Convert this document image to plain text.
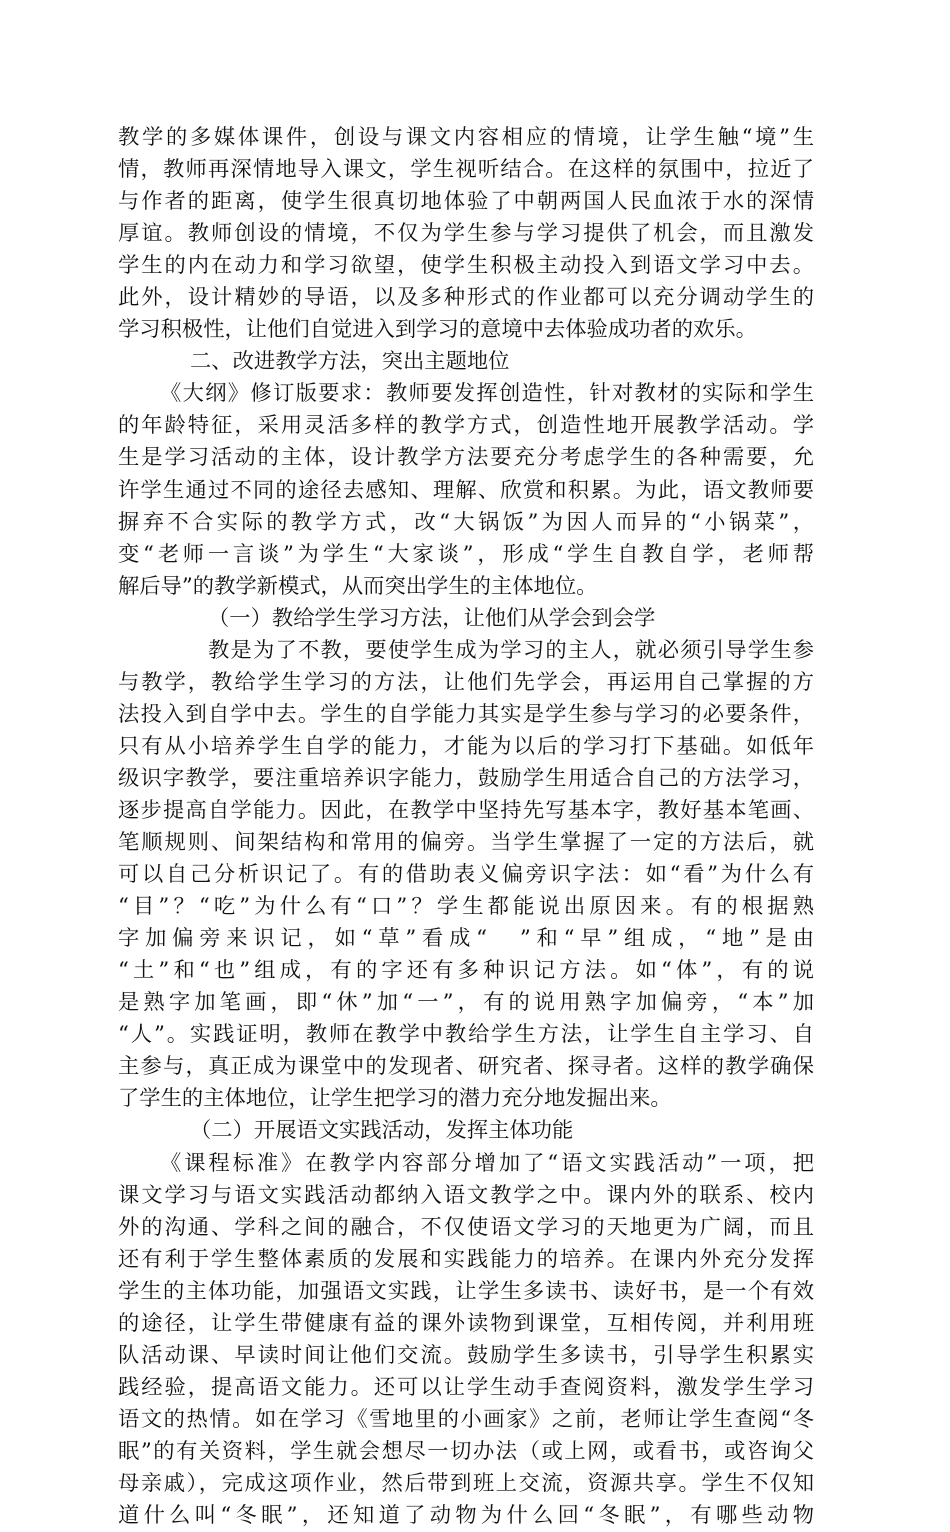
教学的多媒体课件，创设与课文内容相应的情境，让学生触“境”生
情，教师再深情地导入课文，学生视听结合。在这样的氛围中，拉近了
与作者的距离，使学生很真切地体验了中朝两国人民血浓于水的深情
厚谊。教师创设的情境，不仅为学生参与学习提供了机会，而且激发
学生的内在动力和学习欲望，使学生积极主动投入到语文学习中去。
此外，设计精妙的导语，以及多种形式的作业都可以充分调动学生的
学习积极性，让他们自觉进入到学习的意境中去体验成功者的欢乐。
二、改进教学方法，突出主题地位
《大纲》修订版要求：教师要发挥创造性，针对教材的实际和学生
的年龄特征，采用灵活多样的教学方式，创造性地开展教学活动。学
生是学习活动的主体，设计教学方法要充分考虑学生的各种需要，允
许学生通过不同的途径去感知、理解、欣赏和积累。为此，语文教师要
摒弃不合实际的教学方式，改“大锅饭”为因人而异的“小锅菜”，
变“老师一言谈”为学生“大家谈”，形成“学生自教自学，老师帮
解后导”的教学新模式，从而突出学生的主体地位。
（一）教给学生学习方法，让他们从学会到会学
教是为了不教，要使学生成为学习的主人，就必须引导学生参
与教学，教给学生学习的方法，让他们先学会，再运用自己掌握的方
法投入到自学中去。学生的自学能力其实是学生参与学习的必要条件，
只有从小培养学生自学的能力，才能为以后的学习打下基础。如低年
级识字教学，要注重培养识字能力，鼓励学生用适合自己的方法学习，
逐步提高自学能力。因此，在教学中坚持先写基本字，教好基本笔画、
笔顺规则、间架结构和常用的偏旁。当学生掌握了一定的方法后，就
可以自己分析识记了。有的借助表义偏旁识字法：如“看”为什么有
“目”？“吃”为什么有“口”？学生都能说出原因来。有的根据熟
字加偏旁来识记，如“草”看成“　”和“早”组成，“地”是由
“土”和“也”组成，有的字还有多种识记方法。如“体”，有的说
是熟字加笔画，即“休”加“一”，有的说用熟字加偏旁，“本”加
“人”。实践证明，教师在教学中教给学生方法，让学生自主学习、自
主参与，真正成为课堂中的发现者、研究者、探寻者。这样的教学确保
了学生的主体地位，让学生把学习的潜力充分地发掘出来。
（二）开展语文实践活动，发挥主体功能
《课程标准》在教学内容部分增加了“语文实践活动”一项，把
课文学习与语文实践活动都纳入语文教学之中。课内外的联系、校内
外的沟通、学科之间的融合，不仅使语文学习的天地更为广阔，而且
还有利于学生整体素质的发展和实践能力的培养。在课内外充分发挥
学生的主体功能，加强语文实践，让学生多读书、读好书，是一个有效
的途径，让学生带健康有益的课外读物到课堂，互相传阅，并利用班
队活动课、早读时间让他们交流。鼓励学生多读书，引导学生积累实
践经验，提高语文能力。还可以让学生动手查阅资料，激发学生学习
语文的热情。如在学习《雪地里的小画家》之前，老师让学生查阅“冬
眠”的有关资料，学生就会想尽一切办法（或上网，或看书，或咨询父
母亲戚），完成这项作业，然后带到班上交流，资源共享。学生不仅知
道什么叫“冬眠”，还知道了动物为什么回“冬眠”，有哪些动物
